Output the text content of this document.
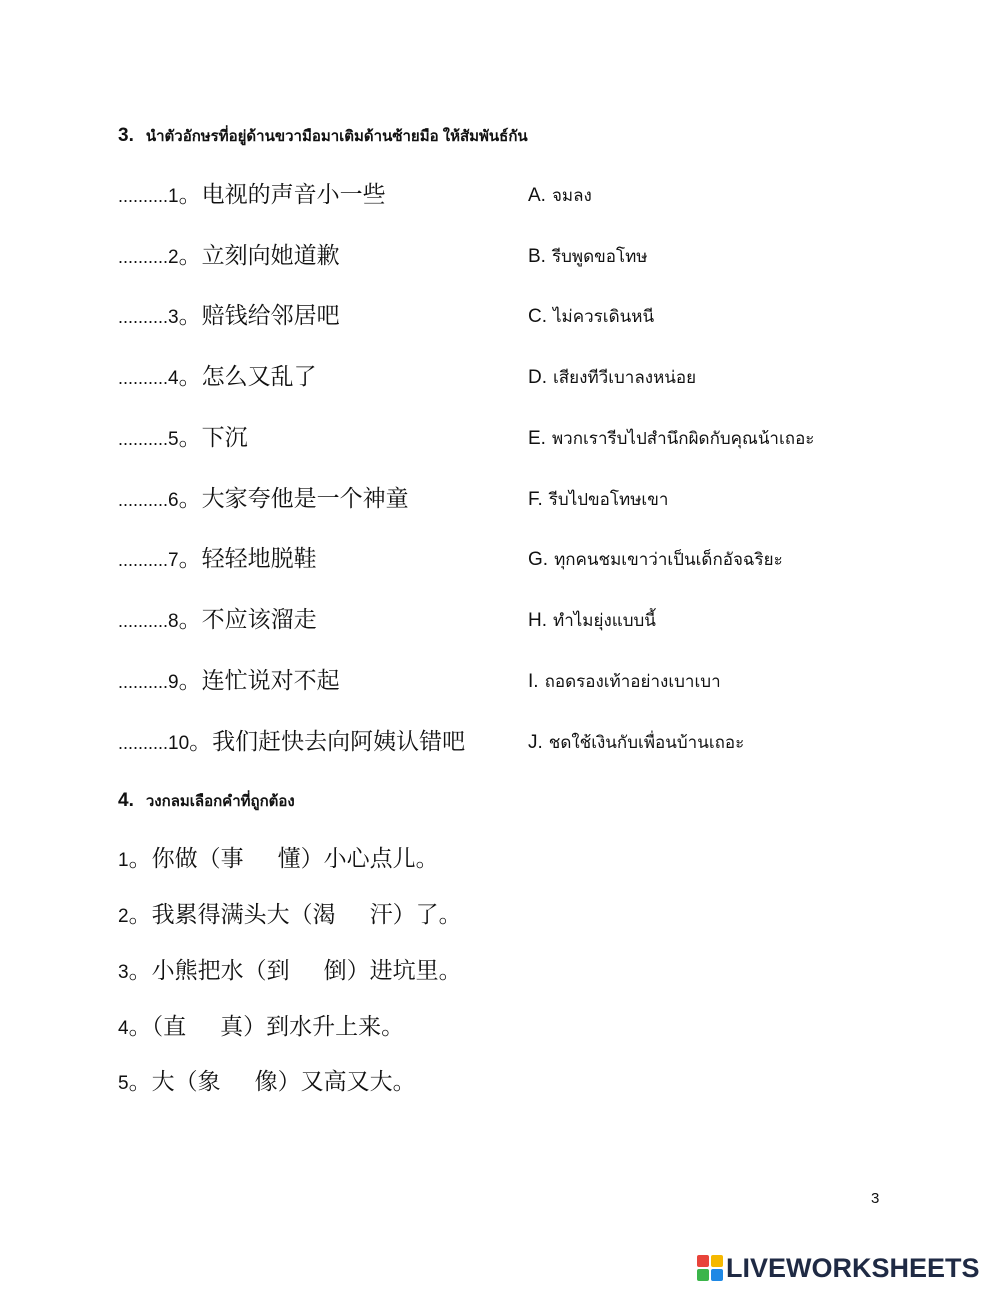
3. นำตัวอักษรที่อยู่ด้านขวามือมาเติมด้านซ้ายมือ ให้สัมพันธ์กัน
..........1。电视的声音小一些	A. จมลง
..........2。立刻向她道歉	B. รีบพูดขอโทษ
..........3。赔钱给邻居吧	C. ไม่ควรเดินหนี
..........4。怎么又乱了	D. เสียงทีวีเบาลงหน่อย
..........5。下沉	E. พวกเรารีบไปสำนึกผิดกับคุณน้าเถอะ
..........6。大家夸他是一个神童	F. รีบไปขอโทษเขา
..........7。轻轻地脱鞋	G. ทุกคนชมเขาว่าเป็นเด็กอัจฉริยะ
..........8。不应该溜走	H. ทำไมยุ่งแบบนี้
..........9。连忙说对不起	I. ถอดรองเท้าอย่างเบาเบา
..........10。我们赶快去向阿姨认错吧	J. ชดใช้เงินกับเพื่อนบ้านเถอะ
4. วงกลมเลือกคำที่ถูกต้อง
1。你做（事 懂）小心点儿。
2。我累得满头大（渴 汗）了。
3。小熊把水（到 倒）进坑里。
4。（直 真）到水升上来。
5。大（象 像）又高又大。
3
LIVEWORKSHEETS
